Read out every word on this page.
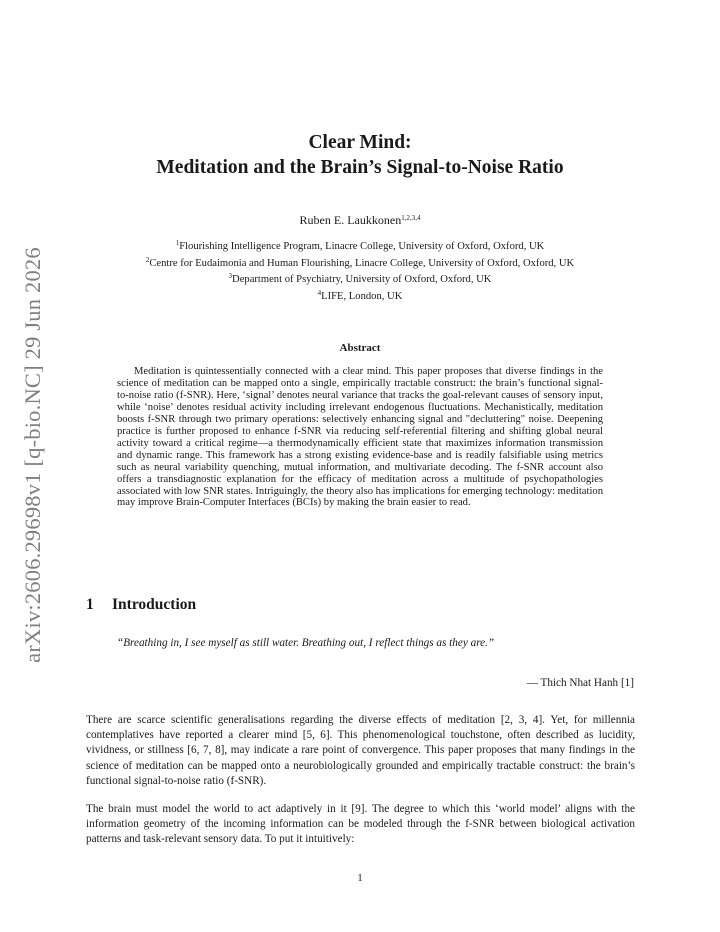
arXiv:2606.29698v1 [q-bio.NC] 29 Jun 2026
Clear Mind:
Meditation and the Brain’s Signal-to-Noise Ratio
Ruben E. Laukkonen$^{1,2,3,4}$
$^1$Flourishing Intelligence Program, Linacre College, University of Oxford, Oxford, UK
$^2$Centre for Eudaimonia and Human Flourishing, Linacre College, University of Oxford, Oxford, UK
$^3$Department of Psychiatry, University of Oxford, Oxford, UK
$^4$LIFE, London, UK
Abstract

Meditation is quintessentially connected with a clear mind. This paper proposes that diverse findings in the science of meditation can be mapped onto a single, empirically tractable construct: the brain’s functional signal-to-noise ratio (f-SNR). Here, ‘signal’ denotes neural variance that tracks the goal-relevant causes of sensory input, while ‘noise’ denotes residual activity including irrelevant endogenous fluctuations. Mechanistically, meditation boosts f-SNR through two primary operations: selectively enhancing signal and "decluttering" noise. Deepening practice is further proposed to enhance f-SNR via reducing self-referential filtering and shifting global neural activity toward a critical regime—a thermodynamically efficient state that maximizes information transmission and dynamic range. This framework has a strong existing evidence-base and is readily falsifiable using metrics such as neural variability quenching, mutual information, and multivariate decoding. The f-SNR account also offers a transdiagnostic explanation for the efficacy of meditation across a multitude of psychopathologies associated with low SNR states. Intriguingly, the theory also has implications for emerging technology: meditation may improve Brain-Computer Interfaces (BCIs) by making the brain easier to read.

1 Introduction
“Breathing in, I see myself as still water. Breathing out, I reflect things as they are.”
— Thich Nhat Hanh [1]

There are scarce scientific generalisations regarding the diverse effects of meditation [2, 3, 4]. Yet, for millennia contemplatives have reported a clearer mind [5, 6]. This phenomenological touchstone, often described as lucidity, vividness, or stillness [6, 7, 8], may indicate a rare point of convergence. This paper proposes that many findings in the science of meditation can be mapped onto a neurobiologically grounded and empirically tractable construct: the brain’s functional signal-to-noise ratio (f-SNR).

The brain must model the world to act adaptively in it [9]. The degree to which this ‘world model’ aligns with the information geometry of the incoming information can be modeled through the f-SNR between biological activation patterns and task-relevant sensory data. To put it intuitively:

1
